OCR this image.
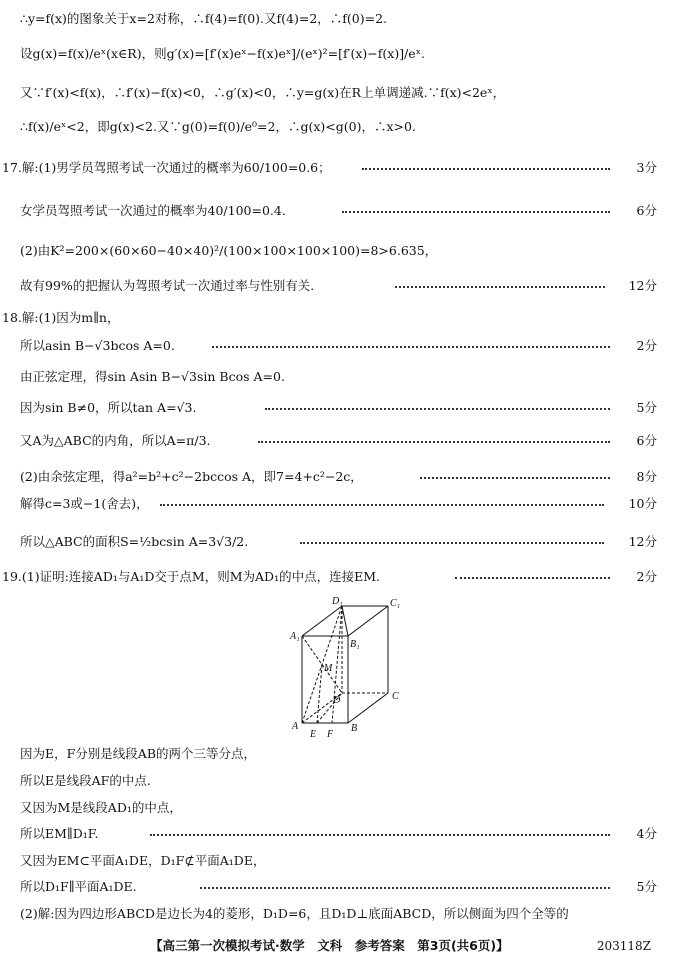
∴y=f(x)的图象关于x=2对称，∴f(4)=f(0).又f(4)=2，∴f(0)=2.
设g(x)=f(x)/eˣ(x∈R)，则g′(x)=[f′(x)eˣ−f(x)eˣ]/(eˣ)²=[f′(x)−f(x)]/eˣ.
又∵f′(x)<f(x)，∴f′(x)−f(x)<0，∴g′(x)<0，∴y=g(x)在R上单调递减.∵f(x)<2eˣ，
∴f(x)/eˣ<2，即g(x)<2.又∵g(0)=f(0)/e⁰=2，∴g(x)<g(0)，∴x>0.
17.解:(1)男学员驾照考试一次通过的概率为60/100=0.6；	3分
女学员驾照考试一次通过的概率为40/100=0.4.	6分
(2)由K²=200×(60×60−40×40)²/(100×100×100×100)=8>6.635，
故有99%的把握认为驾照考试一次通过率与性别有关.	12分
18.解:(1)因为m∥n，
所以asin B−√3bcos A=0.	2分
由正弦定理，得sin Asin B−√3sin Bcos A=0.
因为sin B≠0，所以tan A=√3.	5分
又A为△ABC的内角，所以A=π/3.	6分
(2)由余弦定理，得a²=b²+c²−2bccos A，即7=4+c²−2c，	8分
解得c=3或−1(舍去)，	10分
所以△ABC的面积S=½bcsin A=3√3/2.	12分
19.(1)证明:连接AD₁与A₁D交于点M，则M为AD₁的中点，连接EM.	2分
D₁	C₁
A₁
B₁
M
D	C
A
E F
B
因为E，F分别是线段AB的两个三等分点，
所以E是线段AF的中点.
又因为M是线段AD₁的中点，
所以EM∥D₁F.	4分
又因为EM⊂平面A₁DE，D₁F⊄平面A₁DE，
所以D₁F∥平面A₁DE.	5分
(2)解:因为四边形ABCD是边长为4的菱形，D₁D=6，且D₁D⊥底面ABCD，所以侧面为四个全等的
【高三第一次模拟考试·数学　文科　参考答案　第3页(共6页)】	203118Z
